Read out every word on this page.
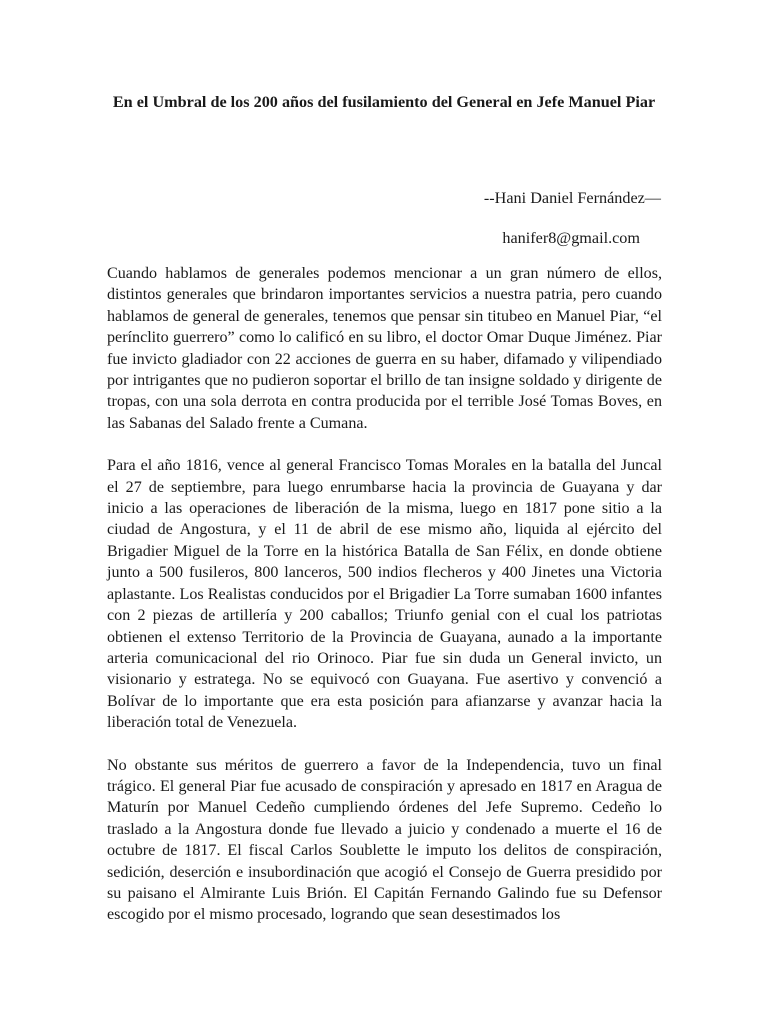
En el Umbral de los 200 años del fusilamiento del General en Jefe Manuel Piar
--Hani Daniel Fernández—
hanifer8@gmail.com

Cuando hablamos de generales podemos mencionar a un gran número de ellos, distintos generales que brindaron importantes servicios a nuestra patria, pero cuando hablamos de general de generales, tenemos que pensar sin titubeo en Manuel Piar, “el perínclito guerrero” como lo calificó en su libro, el doctor Omar Duque Jiménez. Piar fue invicto gladiador con 22 acciones de guerra en su haber, difamado y vilipendiado por intrigantes que no pudieron soportar el brillo de tan insigne soldado y dirigente de tropas, con una sola derrota en contra producida por el terrible José Tomas Boves, en las Sabanas del Salado frente a Cumana.

Para el año 1816, vence al general Francisco Tomas Morales en la batalla del Juncal el 27 de septiembre, para luego enrumbarse hacia la provincia de Guayana y dar inicio a las operaciones de liberación de la misma, luego en 1817 pone sitio a la ciudad de Angostura, y el 11 de abril de ese mismo año, liquida al ejército del Brigadier Miguel de la Torre en la histórica Batalla de San Félix, en donde obtiene junto a 500 fusileros, 800 lanceros, 500 indios flecheros y 400 Jinetes una Victoria aplastante. Los Realistas conducidos por el Brigadier La Torre sumaban 1600 infantes con 2 piezas de artillería y 200 caballos; Triunfo genial con el cual los patriotas obtienen el extenso Territorio de la Provincia de Guayana, aunado a la importante arteria comunicacional del rio Orinoco. Piar fue sin duda un General invicto, un visionario y estratega. No se equivocó con Guayana. Fue asertivo y convenció a Bolívar de lo importante que era esta posición para afianzarse y avanzar hacia la liberación total de Venezuela.

No obstante sus méritos de guerrero a favor de la Independencia, tuvo un final trágico. El general Piar fue acusado de conspiración y apresado en 1817 en Aragua de Maturín por Manuel Cedeño cumpliendo órdenes del Jefe Supremo. Cedeño lo traslado a la Angostura donde fue llevado a juicio y condenado a muerte el 16 de octubre de 1817. El fiscal Carlos Soublette le imputo los delitos de conspiración, sedición, deserción e insubordinación que acogió el Consejo de Guerra presidido por su paisano el Almirante Luis Brión. El Capitán Fernando Galindo fue su Defensor escogido por el mismo procesado, logrando que sean desestimados los
